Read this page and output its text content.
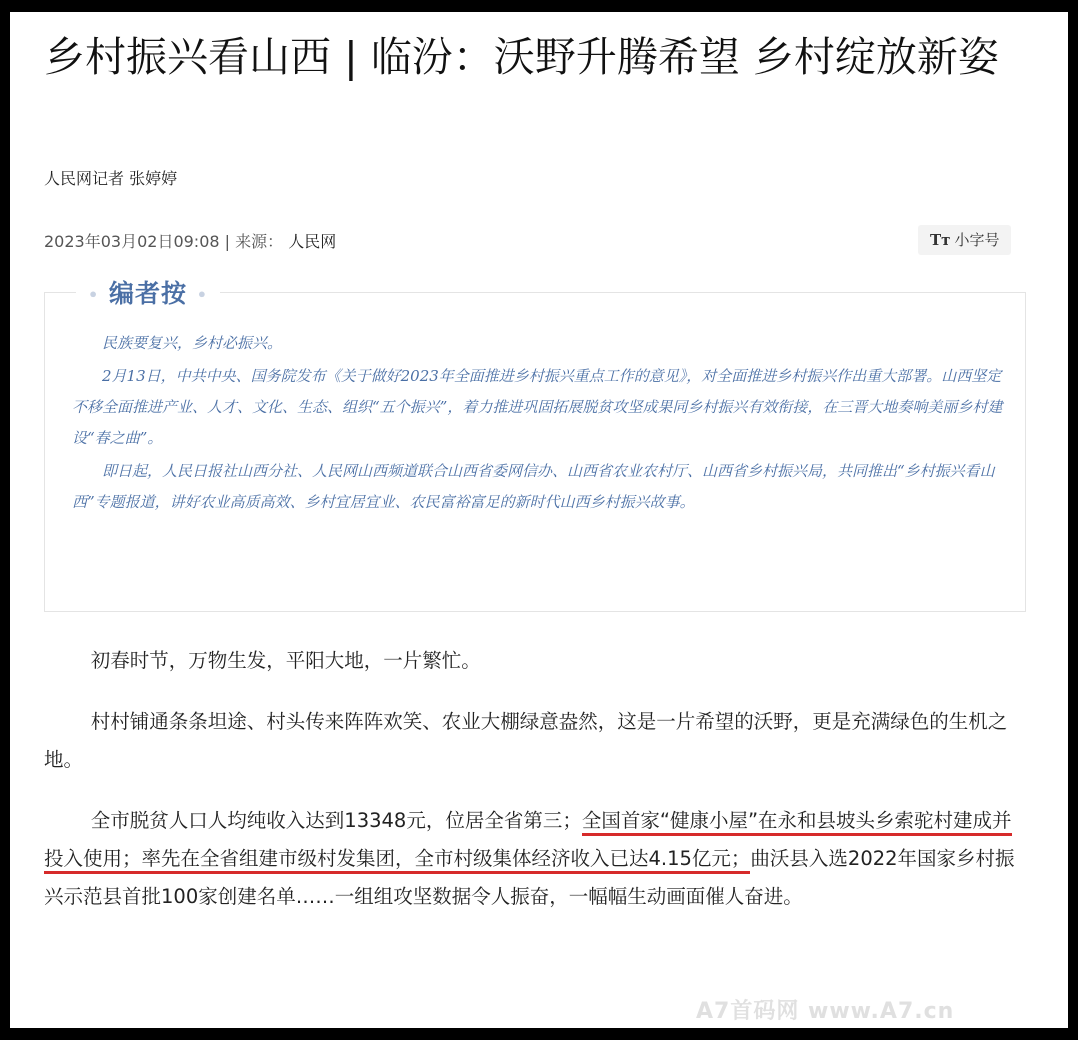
乡村振兴看山西 | 临汾：沃野升腾希望 乡村绽放新姿
人民网记者 张婷婷
2023年03月02日09:08 | 来源： 人民网	Tт 小字号
• 编者按 •

民族要复兴，乡村必振兴。

2月13日，中共中央、国务院发布《关于做好2023年全面推进乡村振兴重点工作的意见》，对全面推进乡村振兴作出重大部署。山西坚定不移全面推进产业、人才、文化、生态、组织“五个振兴”，着力推进巩固拓展脱贫攻坚成果同乡村振兴有效衔接，在三晋大地奏响美丽乡村建设“春之曲”。

即日起，人民日报社山西分社、人民网山西频道联合山西省委网信办、山西省农业农村厅、山西省乡村振兴局，共同推出“乡村振兴看山西”专题报道，讲好农业高质高效、乡村宜居宜业、农民富裕富足的新时代山西乡村振兴故事。

初春时节，万物生发，平阳大地，一片繁忙。

村村铺通条条坦途、村头传来阵阵欢笑、农业大棚绿意盎然，这是一片希望的沃野，更是充满绿色的生机之地。

全市脱贫人口人均纯收入达到13348元，位居全省第三；全国首家“健康小屋”在永和县坡头乡索驼村建成并投入使用；率先在全省组建市级村发集团，全市村级集体经济收入已达4.15亿元；曲沃县入选2022年国家乡村振兴示范县首批100家创建名单……一组组攻坚数据令人振奋，一幅幅生动画面催人奋进。

A7首码网 www.A7.cn
